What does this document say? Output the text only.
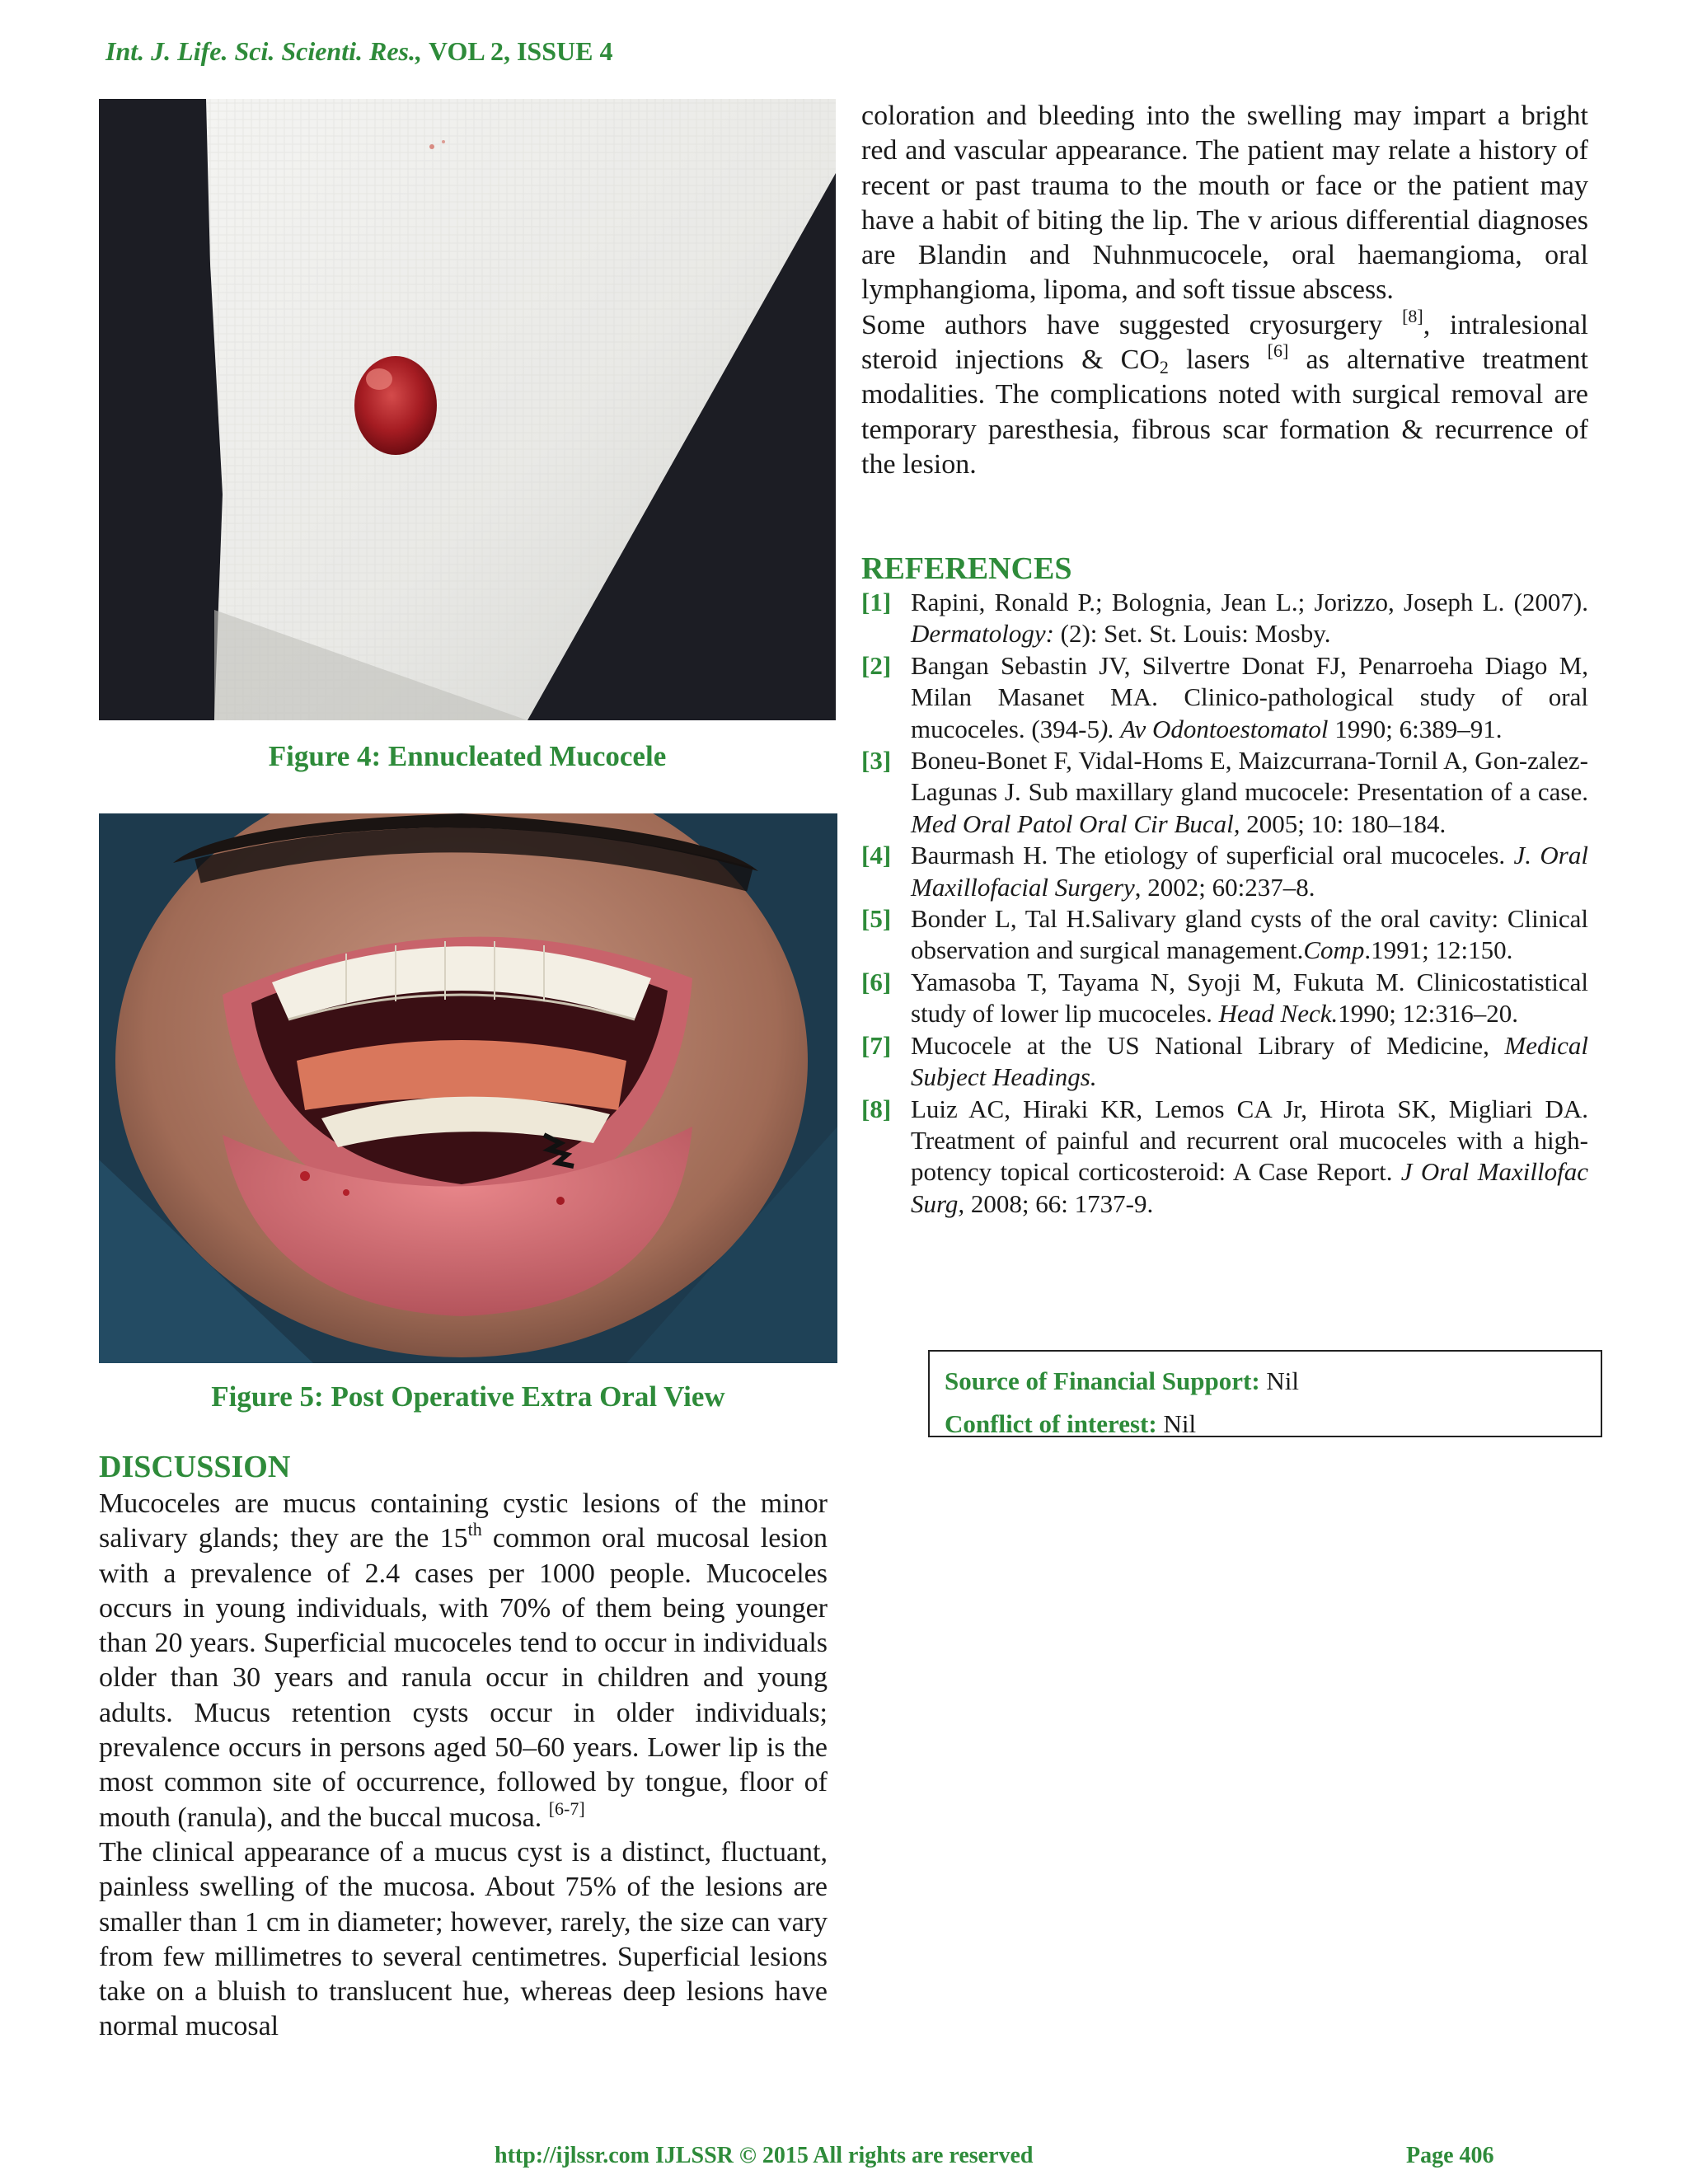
Int. J. Life. Sci. Scienti. Res., VOL 2, ISSUE 4
Figure 4: Ennucleated Mucocele
Figure 5: Post Operative Extra Oral View
DISCUSSION

Mucoceles are mucus containing cystic lesions of the minor salivary glands; they are the 15th common oral mucosal lesion with a prevalence of 2.4 cases per 1000 people. Mucoceles occurs in young individuals, with 70% of them being younger than 20 years. Superficial mucoceles tend to occur in individuals older than 30 years and ranula occur in children and young adults. Mucus retention cysts occur in older individuals; prevalence occurs in persons aged 50–60 years. Lower lip is the most common site of occurrence, followed by tongue, floor of mouth (ranula), and the buccal mucosa. [6-7]

The clinical appearance of a mucus cyst is a distinct, fluctuant, painless swelling of the mucosa. About 75% of the lesions are smaller than 1 cm in diameter; however, rarely, the size can vary from few millimetres to several centimetres. Superficial lesions take on a bluish to translucent hue, whereas deep lesions have normal mucosal

coloration and bleeding into the swelling may impart a bright red and vascular appearance. The patient may relate a history of recent or past trauma to the mouth or face or the patient may have a habit of biting the lip. The v arious differential diagnoses are Blandin and Nuhnmucocele, oral haemangioma, oral lymphangioma, lipoma, and soft tissue abscess.

Some authors have suggested cryosurgery [8], intralesional steroid injections & $CO_2$ lasers [6] as alternative treatment modalities. The complications noted with surgical removal are temporary paresthesia, fibrous scar formation & recurrence of the lesion.

REFERENCES
[1] Rapini, Ronald P.; Bolognia, Jean L.; Jorizzo, Joseph L. (2007). Dermatology: (2): Set. St. Louis: Mosby.
[2] Bangan Sebastin JV, Silvertre Donat FJ, Penarroeha Diago M, Milan Masanet MA. Clinico-pathological study of oral mucoceles. (394-5). Av Odontoestomatol 1990; 6:389–91.
[3] Boneu-Bonet F, Vidal-Homs E, Maizcurrana-Tornil A, Gon-zalez-Lagunas J. Sub maxillary gland mucocele: Presentation of a case. Med Oral Patol Oral Cir Bucal, 2005; 10: 180–184.
[4] Baurmash H. The etiology of superficial oral mucoceles. J. Oral Maxillofacial Surgery, 2002; 60:237–8.
[5] Bonder L, Tal H.Salivary gland cysts of the oral cavity: Clinical observation and surgical management.Comp.1991; 12:150.
[6] Yamasoba T, Tayama N, Syoji M, Fukuta M. Clinicostatistical study of lower lip mucoceles. Head Neck.1990; 12:316–20.
[7] Mucocele at the US National Library of Medicine, Medical Subject Headings.
[8] Luiz AC, Hiraki KR, Lemos CA Jr, Hirota SK, Migliari DA. Treatment of painful and recurrent oral mucoceles with a high-potency topical corticosteroid: A Case Report. J Oral Maxillofac Surg, 2008; 66: 1737-9.
Source of Financial Support: Nil
Conflict of interest: Nil
http://ijlssr.com IJLSSR © 2015 All rights are reserved	Page 406
